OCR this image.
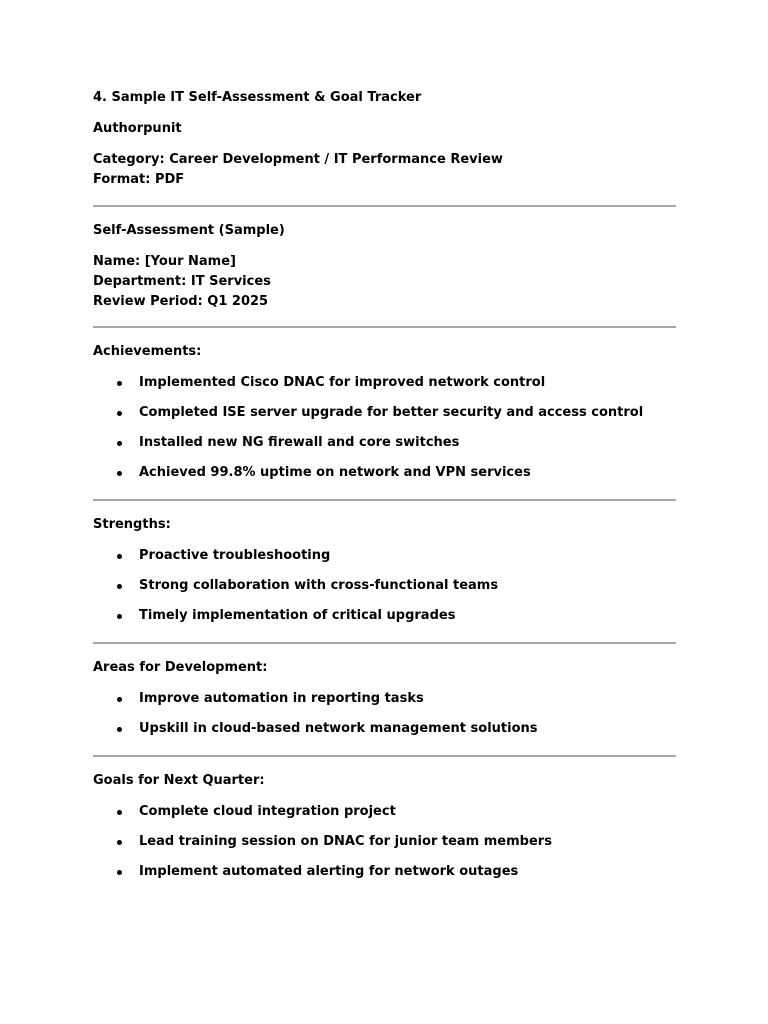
4. Sample IT Self-Assessment & Goal Tracker
Authorpunit
Category: Career Development / IT Performance Review
Format: PDF
Self-Assessment (Sample)
Name: [Your Name]
Department: IT Services
Review Period: Q1 2025
Achievements:
Implemented Cisco DNAC for improved network control
Completed ISE server upgrade for better security and access control
Installed new NG firewall and core switches
Achieved 99.8% uptime on network and VPN services
Strengths:
Proactive troubleshooting
Strong collaboration with cross-functional teams
Timely implementation of critical upgrades
Areas for Development:
Improve automation in reporting tasks
Upskill in cloud-based network management solutions
Goals for Next Quarter:
Complete cloud integration project
Lead training session on DNAC for junior team members
Implement automated alerting for network outages
